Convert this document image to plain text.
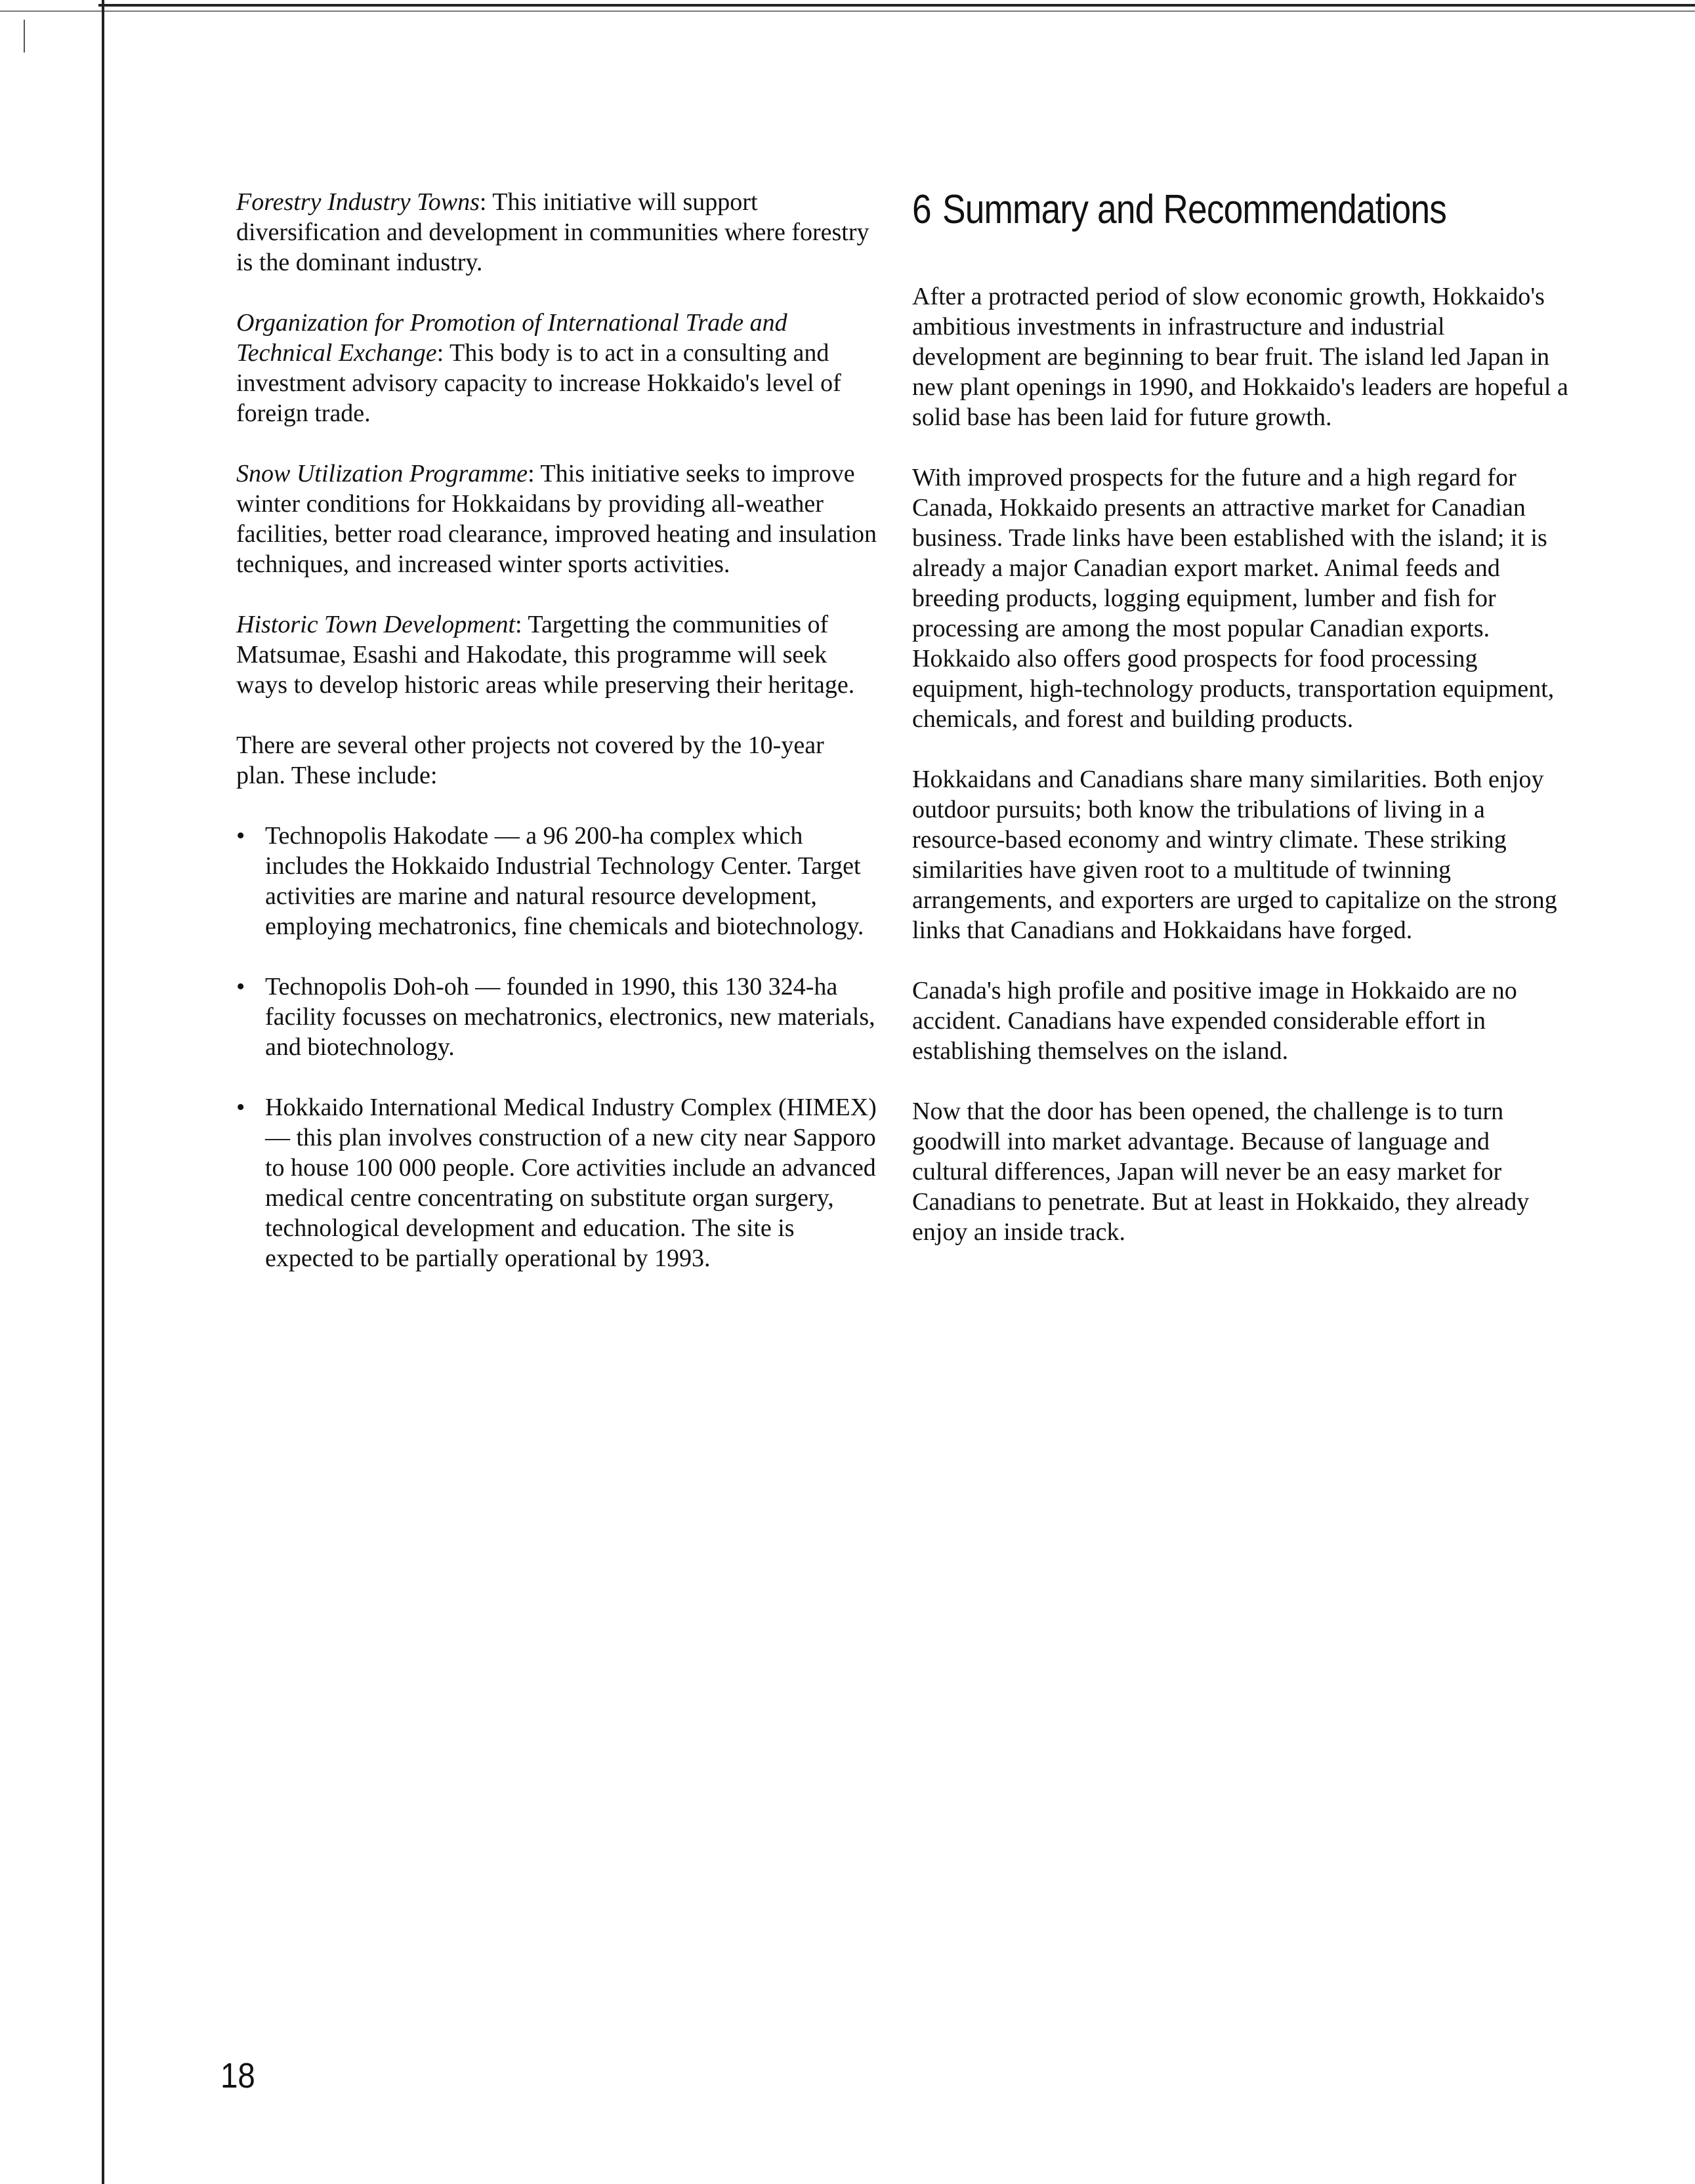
Forestry Industry Towns: This initiative will support diversification and development in communities where forestry is the dominant industry.

Organization for Promotion of International Trade and Technical Exchange: This body is to act in a consulting and investment advisory capacity to increase Hokkaido's level of foreign trade.

Snow Utilization Programme: This initiative seeks to improve winter conditions for Hokkaidans by providing all-weather facilities, better road clearance, improved heating and insulation techniques, and increased winter sports activities.

Historic Town Development: Targetting the communities of Matsumae, Esashi and Hakodate, this programme will seek ways to develop historic areas while preserving their heritage.

There are several other projects not covered by the 10-year plan. These include:

• Technopolis Hakodate — a 96 200-ha complex which includes the Hokkaido Industrial Technology Center. Target activities are marine and natural resource development, employing mechatronics, fine chemicals and biotechnology.
• Technopolis Doh-oh — founded in 1990, this 130 324-ha facility focusses on mechatronics, electronics, new materials, and biotechnology.
• Hokkaido International Medical Industry Complex (HIMEX) — this plan involves construction of a new city near Sapporo to house 100 000 people. Core activities include an advanced medical centre concentrating on substitute organ surgery, technological development and education. The site is expected to be partially operational by 1993.
6 Summary and Recommendations

After a protracted period of slow economic growth, Hokkaido's ambitious investments in infrastructure and industrial development are beginning to bear fruit. The island led Japan in new plant openings in 1990, and Hokkaido's leaders are hopeful a solid base has been laid for future growth.

With improved prospects for the future and a high regard for Canada, Hokkaido presents an attractive market for Canadian business. Trade links have been established with the island; it is already a major Canadian export market. Animal feeds and breeding products, logging equipment, lumber and fish for processing are among the most popular Canadian exports. Hokkaido also offers good prospects for food processing equipment, high-technology products, transportation equipment, chemicals, and forest and building products.

Hokkaidans and Canadians share many similarities. Both enjoy outdoor pursuits; both know the tribulations of living in a resource-based economy and wintry climate. These striking similarities have given root to a multitude of twinning arrangements, and exporters are urged to capitalize on the strong links that Canadians and Hokkaidans have forged.

Canada's high profile and positive image in Hokkaido are no accident. Canadians have expended considerable effort in establishing themselves on the island.

Now that the door has been opened, the challenge is to turn goodwill into market advantage. Because of language and cultural differences, Japan will never be an easy market for Canadians to penetrate. But at least in Hokkaido, they already enjoy an inside track.

18
